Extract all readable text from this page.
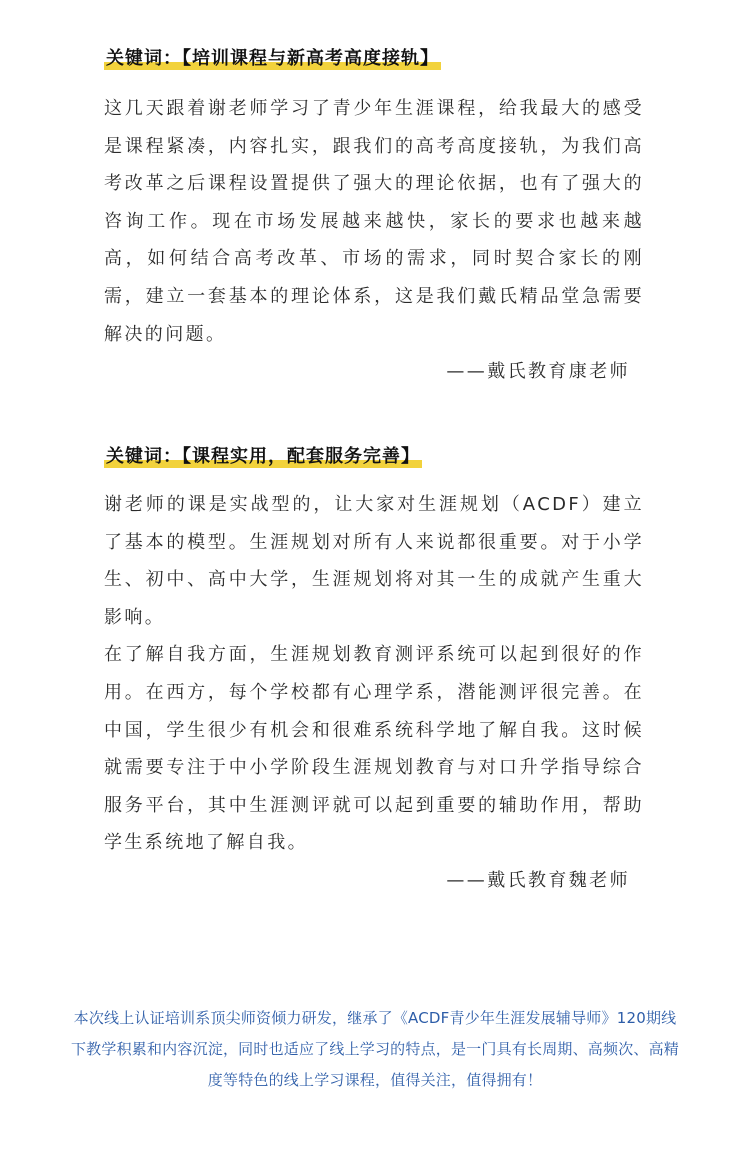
关键词：【培训课程与新高考高度接轨】

这几天跟着谢老师学习了青少年生涯课程，给我最大的感受是课程紧凑，内容扎实，跟我们的高考高度接轨，为我们高考改革之后课程设置提供了强大的理论依据，也有了强大的咨询工作。现在市场发展越来越快，家长的要求也越来越高，如何结合高考改革、市场的需求，同时契合家长的刚需，建立一套基本的理论体系，这是我们戴氏精品堂急需要解决的问题。

——戴氏教育康老师
关键词：【课程实用，配套服务完善】

谢老师的课是实战型的，让大家对生涯规划（ACDF）建立了基本的模型。生涯规划对所有人来说都很重要。对于小学生、初中、高中大学，生涯规划将对其一生的成就产生重大影响。

在了解自我方面，生涯规划教育测评系统可以起到很好的作用。在西方，每个学校都有心理学系，潜能测评很完善。在中国，学生很少有机会和很难系统科学地了解自我。这时候就需要专注于中小学阶段生涯规划教育与对口升学指导综合服务平台，其中生涯测评就可以起到重要的辅助作用，帮助学生系统地了解自我。

——戴氏教育魏老师
本次线上认证培训系顶尖师资倾力研发，继承了《ACDF青少年生涯发展辅导师》120期线下教学积累和内容沉淀，同时也适应了线上学习的特点，是一门具有长周期、高频次、高精度等特色的线上学习课程，值得关注，值得拥有！
